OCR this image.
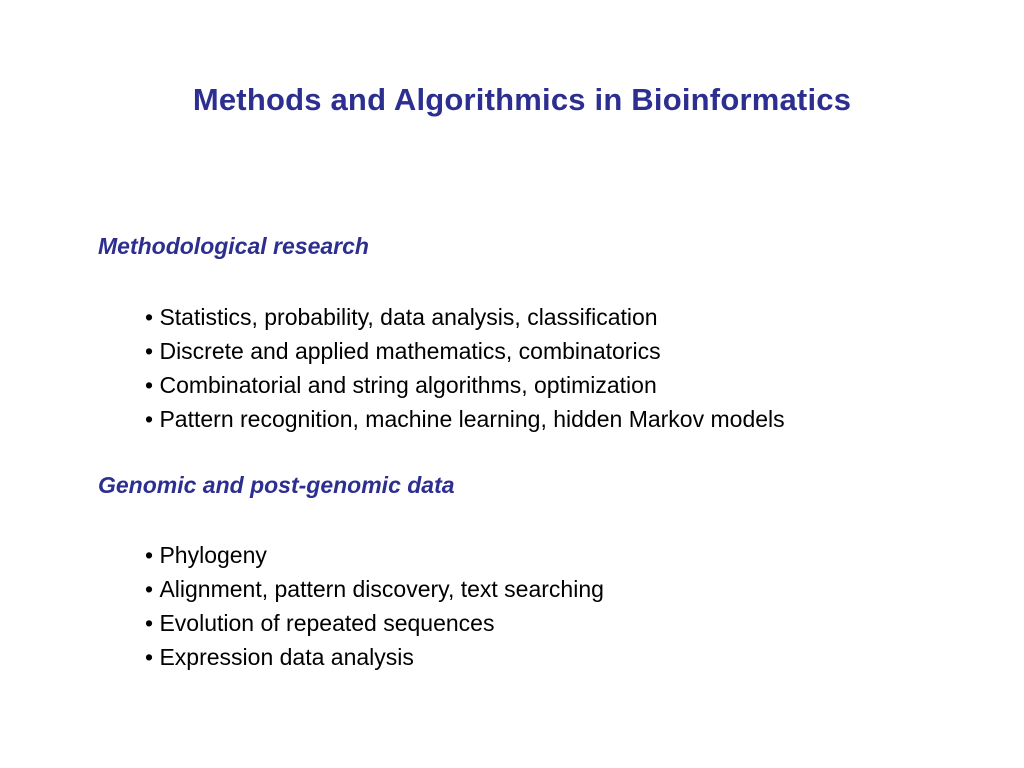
Methods and Algorithmics in Bioinformatics
Methodological research
• Statistics, probability, data analysis, classification
• Discrete and applied mathematics, combinatorics
• Combinatorial and string algorithms, optimization
• Pattern recognition, machine learning, hidden Markov models
Genomic and post-genomic data
• Phylogeny
• Alignment, pattern discovery, text searching
• Evolution of repeated sequences
• Expression data analysis
